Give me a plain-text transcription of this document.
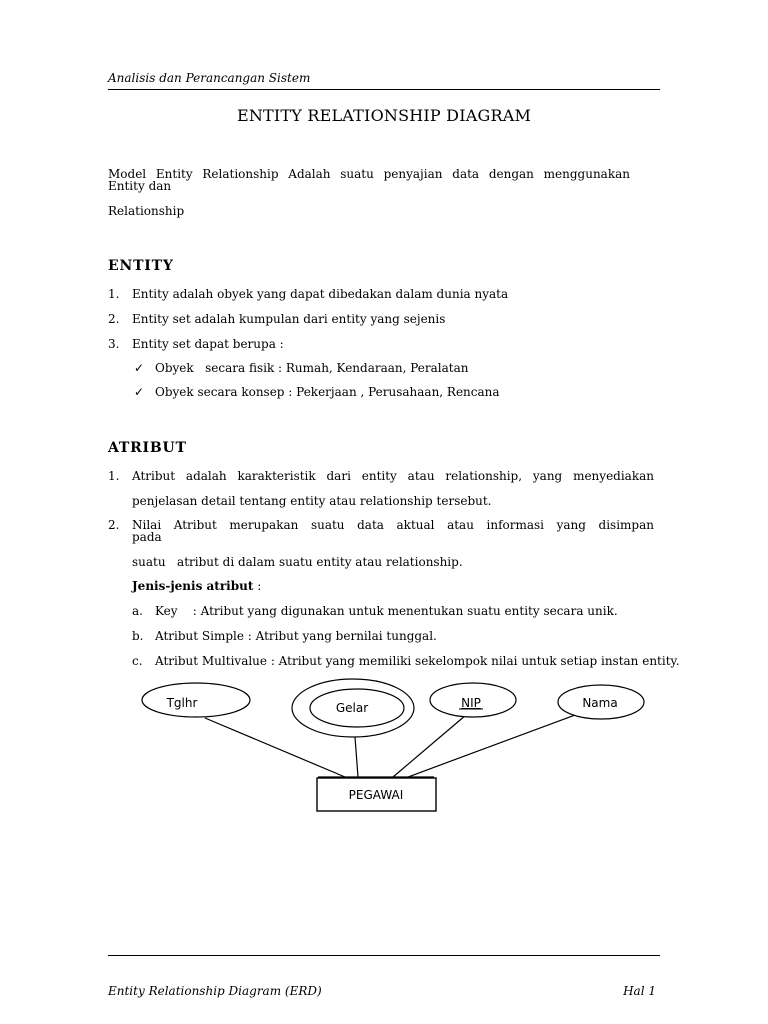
Analisis dan Perancangan Sistem
ENTITY RELATIONSHIP DIAGRAM
Model Entity Relationship Adalah suatu penyajian data dengan menggunakan
Entity dan
Relationship
ENTITY
1. Entity adalah obyek yang dapat dibedakan dalam dunia nyata
2. Entity set adalah kumpulan dari entity yang sejenis
3. Entity set dapat berupa :
✓ Obyek   secara fisik : Rumah, Kendaraan, Peralatan
✓ Obyek secara konsep : Pekerjaan , Perusahaan, Rencana
ATRIBUT
1. Atribut adalah karakteristik dari entity atau relationship, yang menyediakan
penjelasan detail tentang entity atau relationship tersebut.
2. Nilai Atribut merupakan suatu data aktual atau informasi yang disimpan
pada
suatu   atribut di dalam suatu entity atau relationship.
Jenis-jenis atribut :
a. Key    : Atribut yang digunakan untuk menentukan suatu entity secara unik.
b. Atribut Simple : Atribut yang bernilai tunggal.
c. Atribut Multivalue : Atribut yang memiliki sekelompok nilai untuk setiap instan entity.
Tglhr	Gelar	NIP	Nama
PEGAWAI
Entity Relationship Diagram (ERD)	Hal 1
